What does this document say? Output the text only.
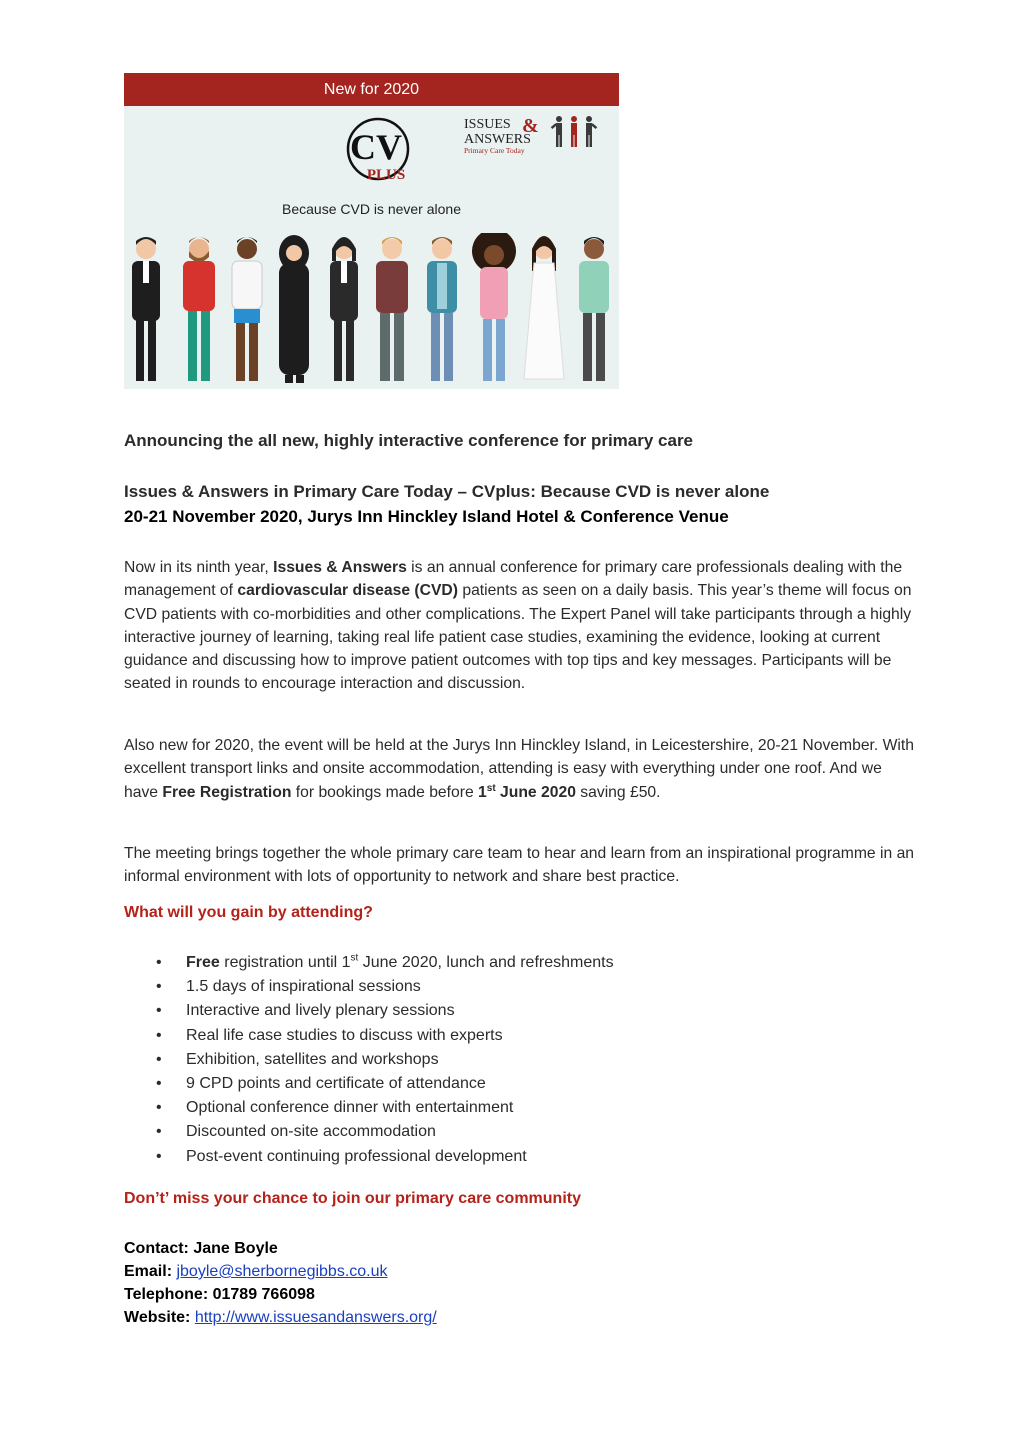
New for 2020
CV
PLUS
Because CVD is never alone
ISSUES &
ANSWERS
Primary Care Today
Announcing the all new, highly interactive conference for primary care
Issues & Answers in Primary Care Today – CVplus: Because CVD is never alone
20-21 November 2020, Jurys Inn Hinckley Island Hotel & Conference Venue
Now in its ninth year, Issues & Answers is an annual conference for primary care professionals dealing with the management of cardiovascular disease (CVD) patients as seen on a daily basis. This year’s theme will focus on CVD patients with co-morbidities and other complications. The Expert Panel will take participants through a highly interactive journey of learning, taking real life patient case studies, examining the evidence, looking at current guidance and discussing how to improve patient outcomes with top tips and key messages. Participants will be seated in rounds to encourage interaction and discussion.
Also new for 2020, the event will be held at the Jurys Inn Hinckley Island, in Leicestershire, 20-21 November. With excellent transport links and onsite accommodation, attending is easy with everything under one roof. And we have Free Registration for bookings made before 1st June 2020 saving £50.
The meeting brings together the whole primary care team to hear and learn from an inspirational programme in an informal environment with lots of opportunity to network and share best practice.
What will you gain by attending?
• Free registration until 1st June 2020, lunch and refreshments
• 1.5 days of inspirational sessions
• Interactive and lively plenary sessions
• Real life case studies to discuss with experts
• Exhibition, satellites and workshops
• 9 CPD points and certificate of attendance
• Optional conference dinner with entertainment
• Discounted on-site accommodation
• Post-event continuing professional development
Don’t’ miss your chance to join our primary care community
Contact: Jane Boyle
Email: jboyle@sherbornegibbs.co.uk
Telephone: 01789 766098
Website: http://www.issuesandanswers.org/
